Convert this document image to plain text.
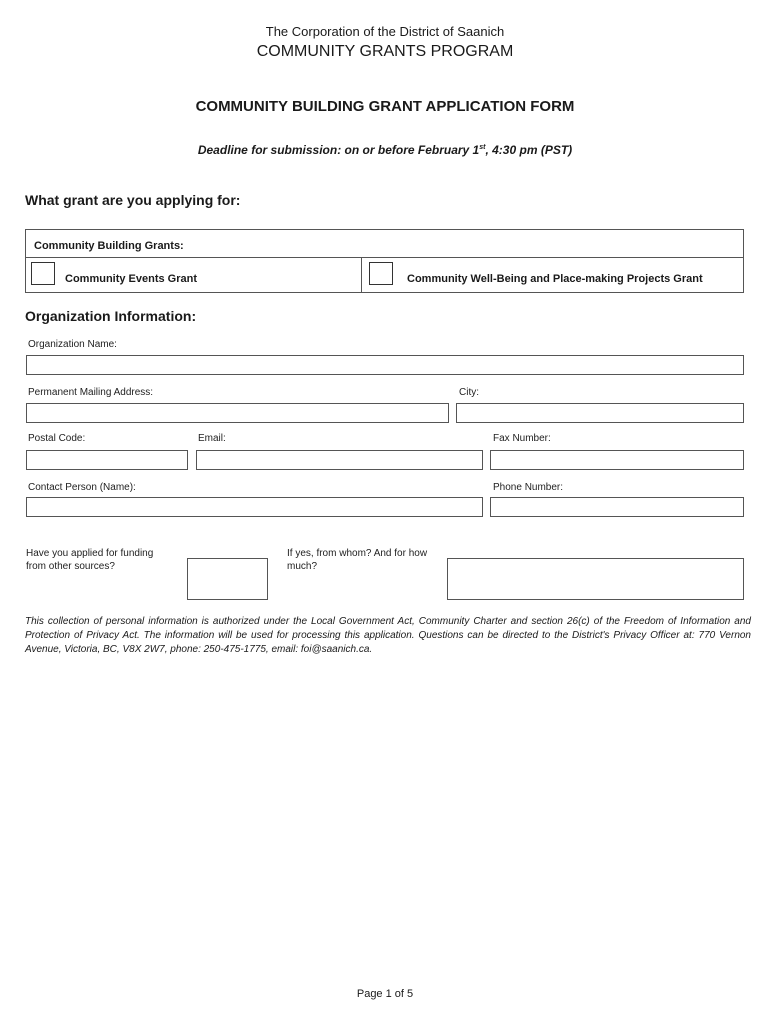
The Corporation of the District of Saanich
COMMUNITY GRANTS PROGRAM
COMMUNITY BUILDING GRANT APPLICATION FORM
Deadline for submission: on or before February 1st, 4:30 pm (PST)
What grant are you applying for:
Community Building Grants:
Community Events Grant	Community Well-Being and Place-making Projects Grant
Organization Information:
Organization Name:
Permanent Mailing Address:	City:
Postal Code:	Email:	Fax Number:
Contact Person (Name):	Phone Number:
Have you applied for funding from other sources?
If yes, from whom? And for how much?
This collection of personal information is authorized under the Local Government Act, Community Charter and section 26(c) of the Freedom of Information and Protection of Privacy Act. The information will be used for processing this application. Questions can be directed to the District's Privacy Officer at: 770 Vernon Avenue, Victoria, BC, V8X 2W7, phone: 250-475-1775, email: foi@saanich.ca.
Page 1 of 5
